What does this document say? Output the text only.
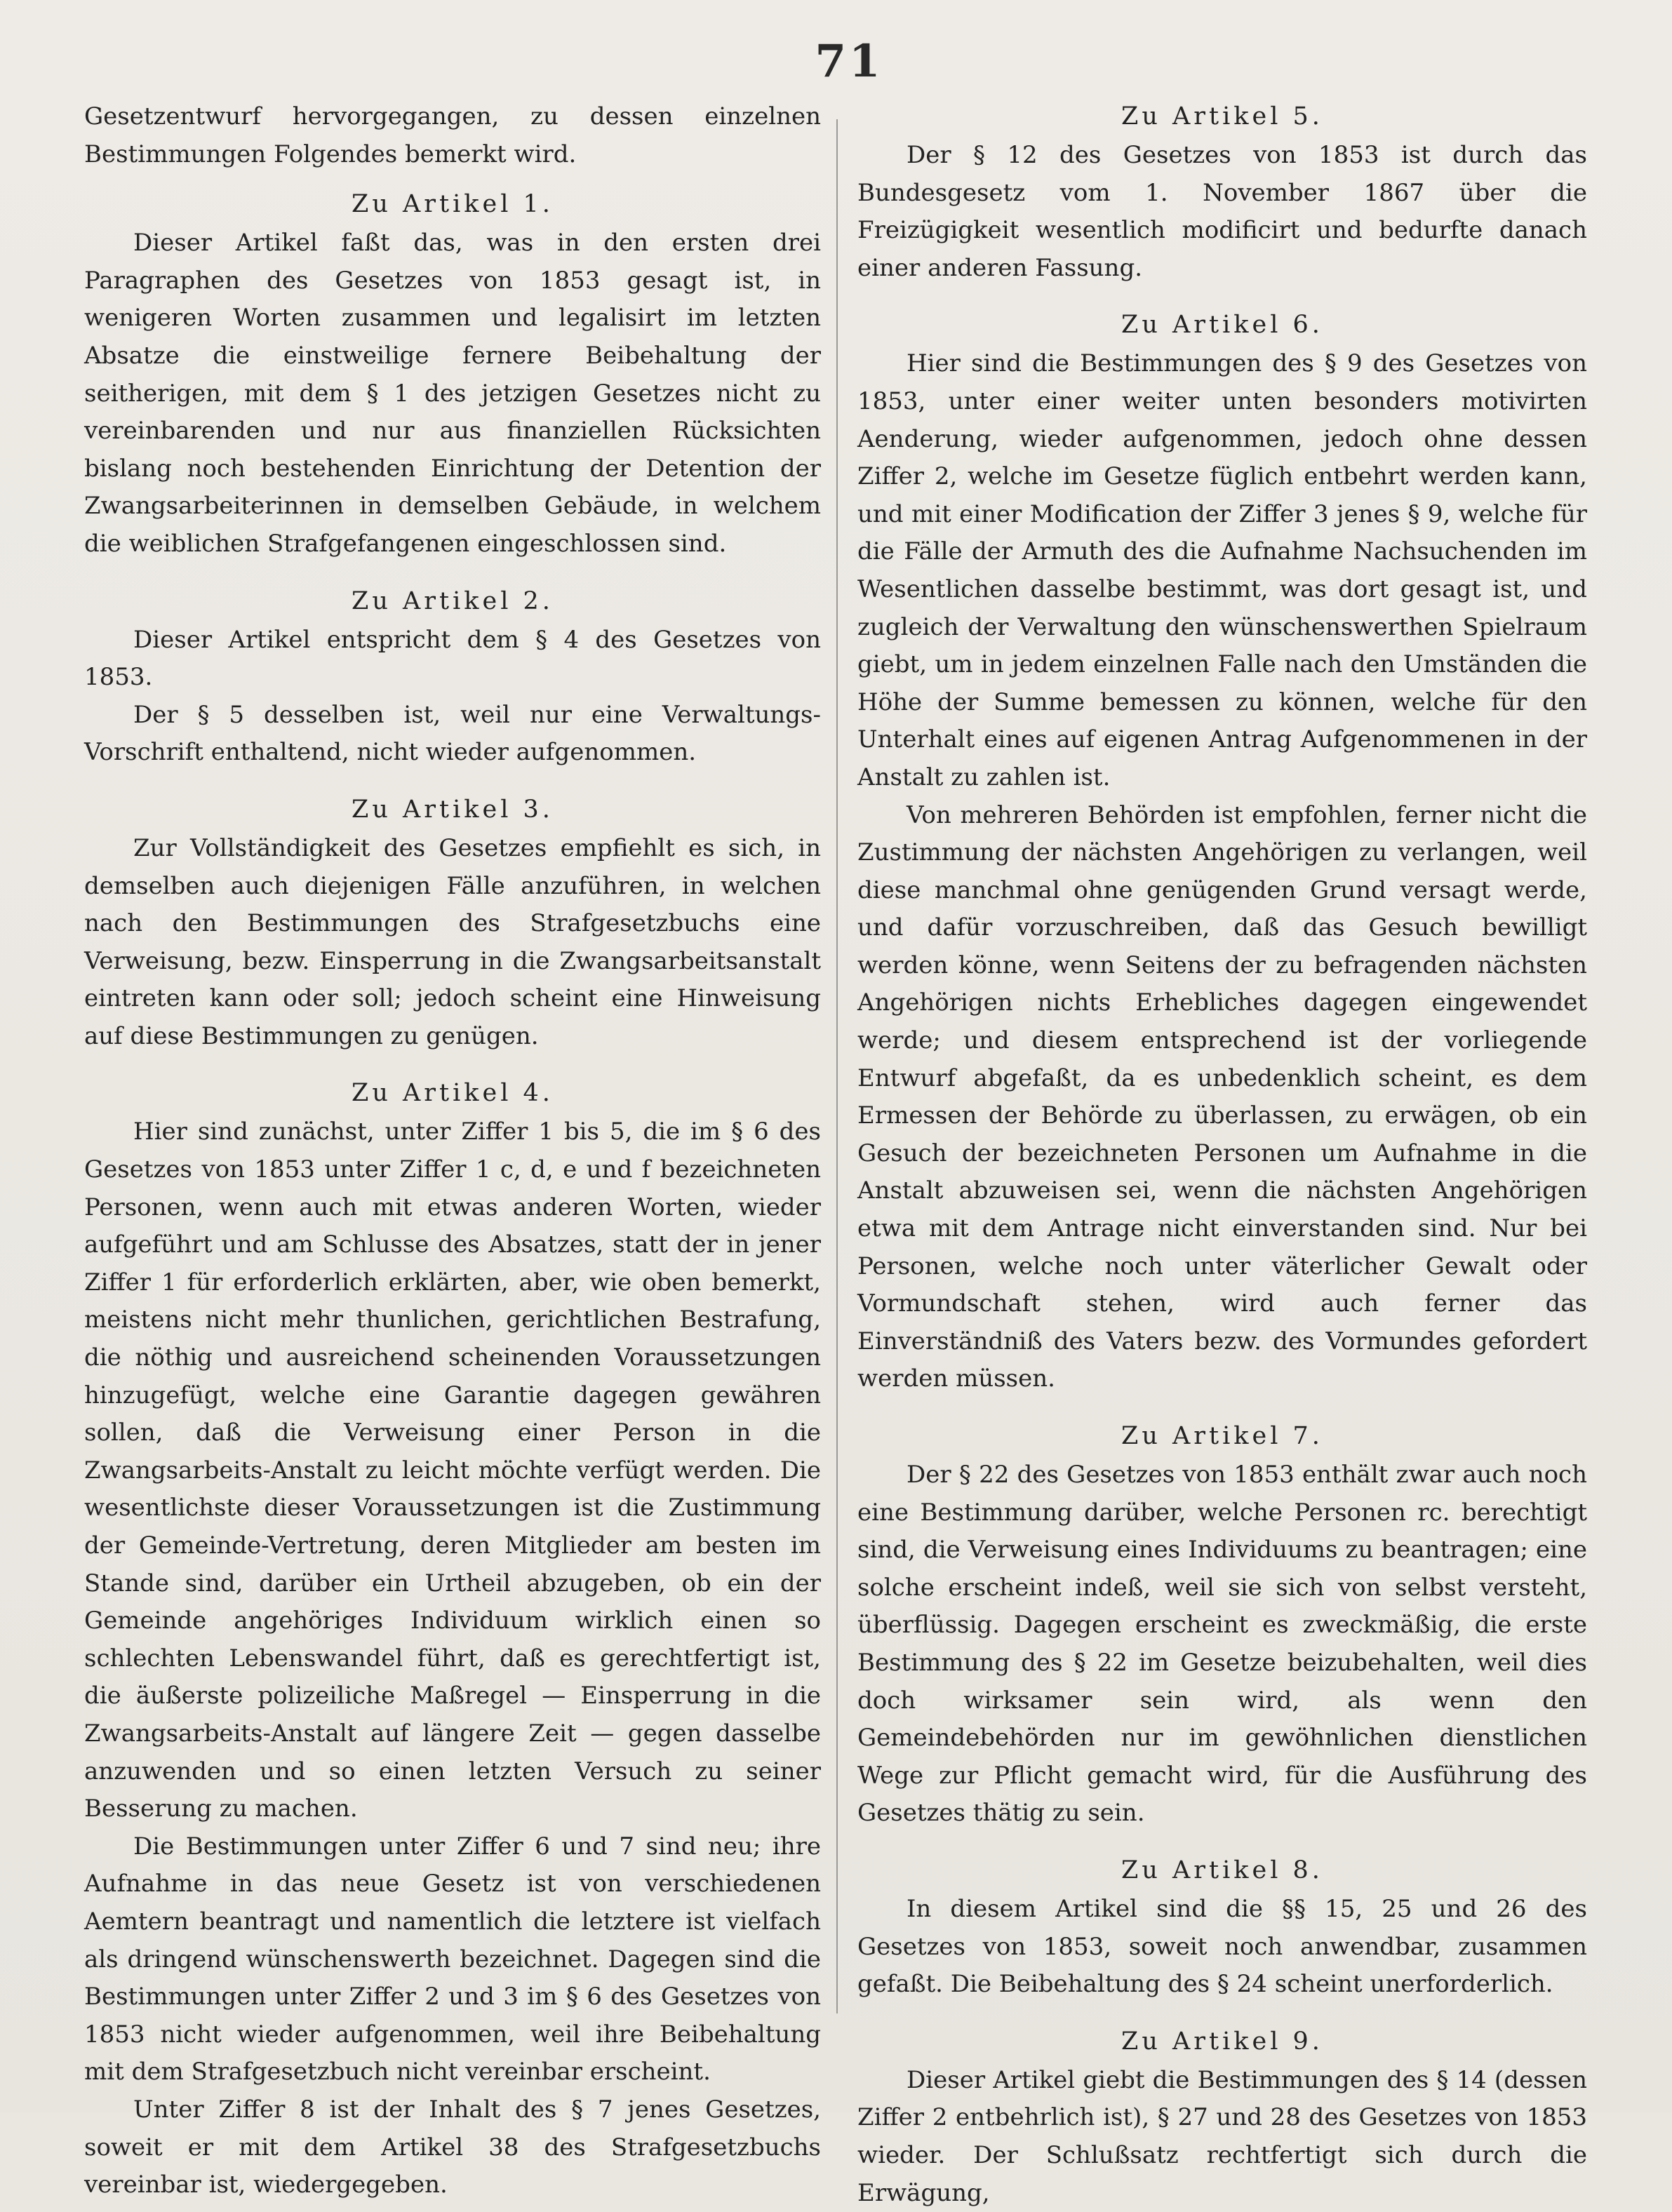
71

Gesetzentwurf hervorgegangen, zu dessen einzelnen Bestimmungen Folgendes bemerkt wird.

Zu Artikel 1.

Dieser Artikel faßt das, was in den ersten drei Paragraphen des Gesetzes von 1853 gesagt ist, in wenigeren Worten zusammen und legalisirt im letzten Absatze die einstweilige fernere Beibehaltung der seitherigen, mit dem § 1 des jetzigen Gesetzes nicht zu vereinbarenden und nur aus finanziellen Rücksichten bislang noch bestehenden Einrichtung der Detention der Zwangsarbeiterinnen in demselben Gebäude, in welchem die weiblichen Strafgefangenen eingeschlossen sind.

Zu Artikel 2.

Dieser Artikel entspricht dem § 4 des Gesetzes von 1853.

Der § 5 desselben ist, weil nur eine Verwaltungs-Vorschrift enthaltend, nicht wieder aufgenommen.

Zu Artikel 3.

Zur Vollständigkeit des Gesetzes empfiehlt es sich, in demselben auch diejenigen Fälle anzuführen, in welchen nach den Bestimmungen des Strafgesetzbuchs eine Verweisung, bezw. Einsperrung in die Zwangsarbeitsanstalt eintreten kann oder soll; jedoch scheint eine Hinweisung auf diese Bestimmungen zu genügen.

Zu Artikel 4.

Hier sind zunächst, unter Ziffer 1 bis 5, die im § 6 des Gesetzes von 1853 unter Ziffer 1 c, d, e und f bezeichneten Personen, wenn auch mit etwas anderen Worten, wieder aufgeführt und am Schlusse des Absatzes, statt der in jener Ziffer 1 für erforderlich erklärten, aber, wie oben bemerkt, meistens nicht mehr thunlichen, gerichtlichen Bestrafung, die nöthig und ausreichend scheinenden Voraussetzungen hinzugefügt, welche eine Garantie dagegen gewähren sollen, daß die Verweisung einer Person in die Zwangsarbeits-Anstalt zu leicht möchte verfügt werden. Die wesentlichste dieser Voraussetzungen ist die Zustimmung der Gemeinde-Vertretung, deren Mitglieder am besten im Stande sind, darüber ein Urtheil abzugeben, ob ein der Gemeinde angehöriges Individuum wirklich einen so schlechten Lebenswandel führt, daß es gerechtfertigt ist, die äußerste polizeiliche Maßregel — Einsperrung in die Zwangsarbeits-Anstalt auf längere Zeit — gegen dasselbe anzuwenden und so einen letzten Versuch zu seiner Besserung zu machen.

Die Bestimmungen unter Ziffer 6 und 7 sind neu; ihre Aufnahme in das neue Gesetz ist von verschiedenen Aemtern beantragt und namentlich die letztere ist vielfach als dringend wünschenswerth bezeichnet. Dagegen sind die Bestimmungen unter Ziffer 2 und 3 im § 6 des Gesetzes von 1853 nicht wieder aufgenommen, weil ihre Beibehaltung mit dem Strafgesetzbuch nicht vereinbar erscheint.

Unter Ziffer 8 ist der Inhalt des § 7 jenes Gesetzes, soweit er mit dem Artikel 38 des Strafgesetzbuchs vereinbar ist, wiedergegeben.

Zu Artikel 5.

Der § 12 des Gesetzes von 1853 ist durch das Bundesgesetz vom 1. November 1867 über die Freizügigkeit wesentlich modificirt und bedurfte danach einer anderen Fassung.

Zu Artikel 6.

Hier sind die Bestimmungen des § 9 des Gesetzes von 1853, unter einer weiter unten besonders motivirten Aenderung, wieder aufgenommen, jedoch ohne dessen Ziffer 2, welche im Gesetze füglich entbehrt werden kann, und mit einer Modification der Ziffer 3 jenes § 9, welche für die Fälle der Armuth des die Aufnahme Nachsuchenden im Wesentlichen dasselbe bestimmt, was dort gesagt ist, und zugleich der Verwaltung den wünschenswerthen Spielraum giebt, um in jedem einzelnen Falle nach den Umständen die Höhe der Summe bemessen zu können, welche für den Unterhalt eines auf eigenen Antrag Aufgenommenen in der Anstalt zu zahlen ist.

Von mehreren Behörden ist empfohlen, ferner nicht die Zustimmung der nächsten Angehörigen zu verlangen, weil diese manchmal ohne genügenden Grund versagt werde, und dafür vorzuschreiben, daß das Gesuch bewilligt werden könne, wenn Seitens der zu befragenden nächsten Angehörigen nichts Erhebliches dagegen eingewendet werde; und diesem entsprechend ist der vorliegende Entwurf abgefaßt, da es unbedenklich scheint, es dem Ermessen der Behörde zu überlassen, zu erwägen, ob ein Gesuch der bezeichneten Personen um Aufnahme in die Anstalt abzuweisen sei, wenn die nächsten Angehörigen etwa mit dem Antrage nicht einverstanden sind. Nur bei Personen, welche noch unter väterlicher Gewalt oder Vormundschaft stehen, wird auch ferner das Einverständniß des Vaters bezw. des Vormundes gefordert werden müssen.

Zu Artikel 7.

Der § 22 des Gesetzes von 1853 enthält zwar auch noch eine Bestimmung darüber, welche Personen rc. berechtigt sind, die Verweisung eines Individuums zu beantragen; eine solche erscheint indeß, weil sie sich von selbst versteht, überflüssig. Dagegen erscheint es zweckmäßig, die erste Bestimmung des § 22 im Gesetze beizubehalten, weil dies doch wirksamer sein wird, als wenn den Gemeindebehörden nur im gewöhnlichen dienstlichen Wege zur Pflicht gemacht wird, für die Ausführung des Gesetzes thätig zu sein.

Zu Artikel 8.

In diesem Artikel sind die §§ 15, 25 und 26 des Gesetzes von 1853, soweit noch anwendbar, zusammen gefaßt. Die Beibehaltung des § 24 scheint unerforderlich.

Zu Artikel 9.

Dieser Artikel giebt die Bestimmungen des § 14 (dessen Ziffer 2 entbehrlich ist), § 27 und 28 des Gesetzes von 1853 wieder. Der Schlußsatz rechtfertigt sich durch die Erwägung,
